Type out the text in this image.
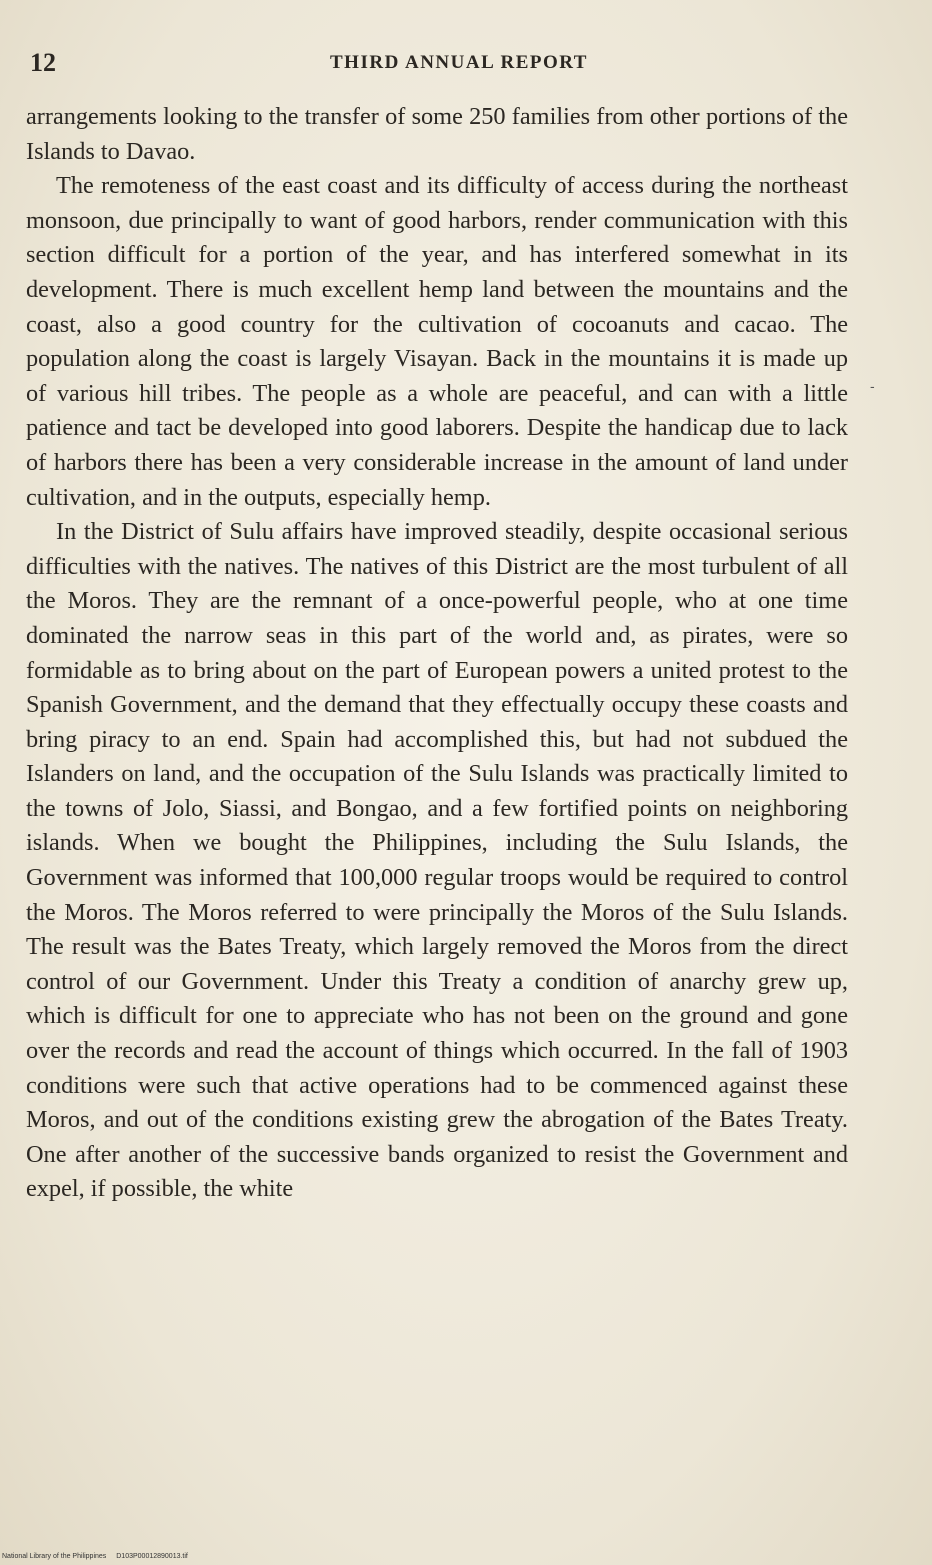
12	THIRD ANNUAL REPORT

arrangements looking to the transfer of some 250 families from other portions of the Islands to Davao.

The remoteness of the east coast and its difficulty of access during the northeast monsoon, due principally to want of good harbors, render communication with this section difficult for a portion of the year, and has interfered somewhat in its development. There is much excellent hemp land between the mountains and the coast, also a good country for the cultivation of cocoanuts and cacao. The population along the coast is largely Visayan. Back in the mountains it is made up of various hill tribes. The people as a whole are peaceful, and can with a little patience and tact be developed into good laborers. Despite the handicap due to lack of harbors there has been a very considerable increase in the amount of land under cultivation, and in the outputs, especially hemp.

In the District of Sulu affairs have improved steadily, despite occasional serious difficulties with the natives. The natives of this District are the most turbulent of all the Moros. They are the remnant of a once-powerful people, who at one time dominated the narrow seas in this part of the world and, as pirates, were so formidable as to bring about on the part of European powers a united protest to the Spanish Government, and the demand that they effectually occupy these coasts and bring piracy to an end. Spain had accomplished this, but had not subdued the Islanders on land, and the occupation of the Sulu Islands was practically limited to the towns of Jolo, Siassi, and Bongao, and a few fortified points on neighboring islands. When we bought the Philippines, including the Sulu Islands, the Government was informed that 100,000 regular troops would be required to control the Moros. The Moros referred to were principally the Moros of the Sulu Islands. The result was the Bates Treaty, which largely removed the Moros from the direct control of our Government. Under this Treaty a condition of anarchy grew up, which is difficult for one to appreciate who has not been on the ground and gone over the records and read the account of things which occurred. In the fall of 1903 conditions were such that active operations had to be commenced against these Moros, and out of the conditions existing grew the abrogation of the Bates Treaty. One after another of the successive bands organized to resist the Government and expel, if possible, the white

-
National Library of the Philippines D103P00012890013.tif
